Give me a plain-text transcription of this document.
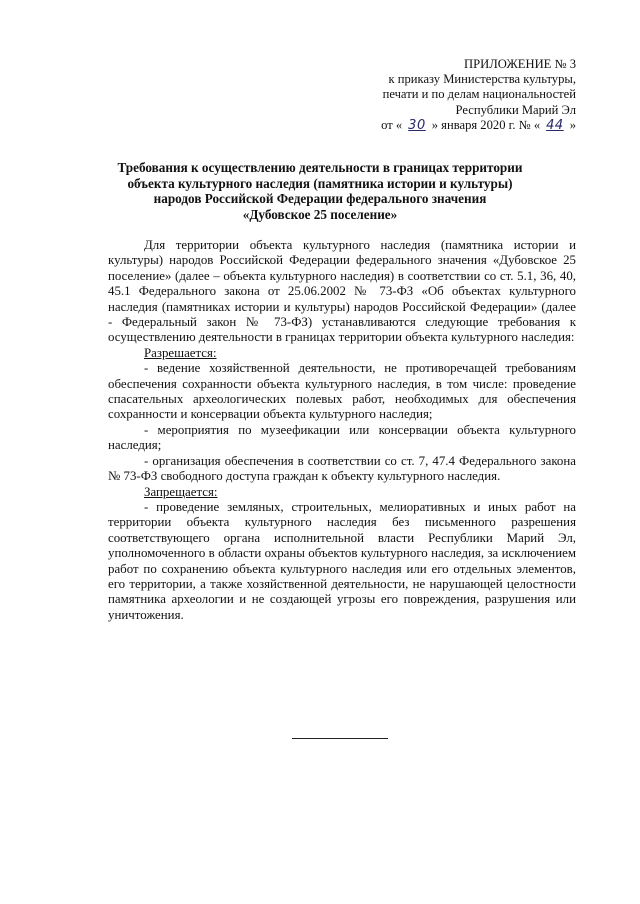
ПРИЛОЖЕНИЕ № 3
к приказу Министерства культуры,
печати и по делам национальностей
Республики Марий Эл
от « 30 » января 2020 г. № « 44 »
Требования к осуществлению деятельности в границах территории
объекта культурного наследия (памятника истории и культуры)
народов Российской Федерации федерального значения
«Дубовское 25 поселение»

Для территории объекта культурного наследия (памятника истории и культуры) народов Российской Федерации федерального значения «Дубовское 25 поселение» (далее – объекта культурного наследия) в соответствии со ст. 5.1, 36, 40, 45.1 Федерального закона от 25.06.2002 № 73-ФЗ «Об объектах культурного наследия (памятниках истории и культуры) народов Российской Федерации» (далее - Федеральный закон № 73-ФЗ) устанавливаются следующие требования к осуществлению деятельности в границах территории объекта культурного наследия:

Разрешается:

- ведение хозяйственной деятельности, не противоречащей требованиям обеспечения сохранности объекта культурного наследия, в том числе: проведение спасательных археологических полевых работ, необходимых для обеспечения сохранности и консервации объекта культурного наследия;

- мероприятия по музеефикации или консервации объекта культурного наследия;

- организация обеспечения в соответствии со ст. 7, 47.4 Федерального закона № 73-ФЗ свободного доступа граждан к объекту культурного наследия.

Запрещается:

- проведение земляных, строительных, мелиоративных и иных работ на территории объекта культурного наследия без письменного разрешения соответствующего органа исполнительной власти Республики Марий Эл, уполномоченного в области охраны объектов культурного наследия, за исключением работ по сохранению объекта культурного наследия или его отдельных элементов, его территории, а также хозяйственной деятельности, не нарушающей целостности памятника археологии и не создающей угрозы его повреждения, разрушения или уничтожения.
